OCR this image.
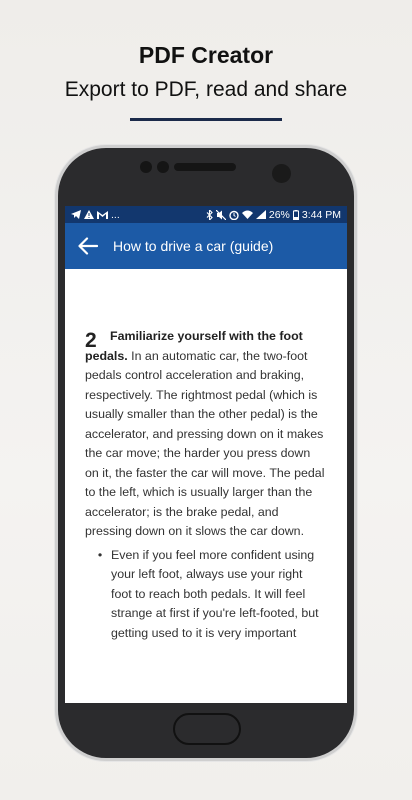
PDF Creator
Export to PDF, read and share
...	26% 3:44 PM
How to drive a car (guide)
2	Familiarize yourself with the foot pedals. In an automatic car, the two-foot pedals control acceleration and braking, respectively. The rightmost pedal (which is usually smaller than the other pedal) is the accelerator, and pressing down on it makes the car move; the harder you press down on it, the faster the car will move. The pedal to the left, which is usually larger than the accelerator; is the brake pedal, and pressing down on it slows the car down.

• Even if you feel more confident using your left foot, always use your right foot to reach both pedals. It will feel strange at first if you're left-footed, but getting used to it is very important
